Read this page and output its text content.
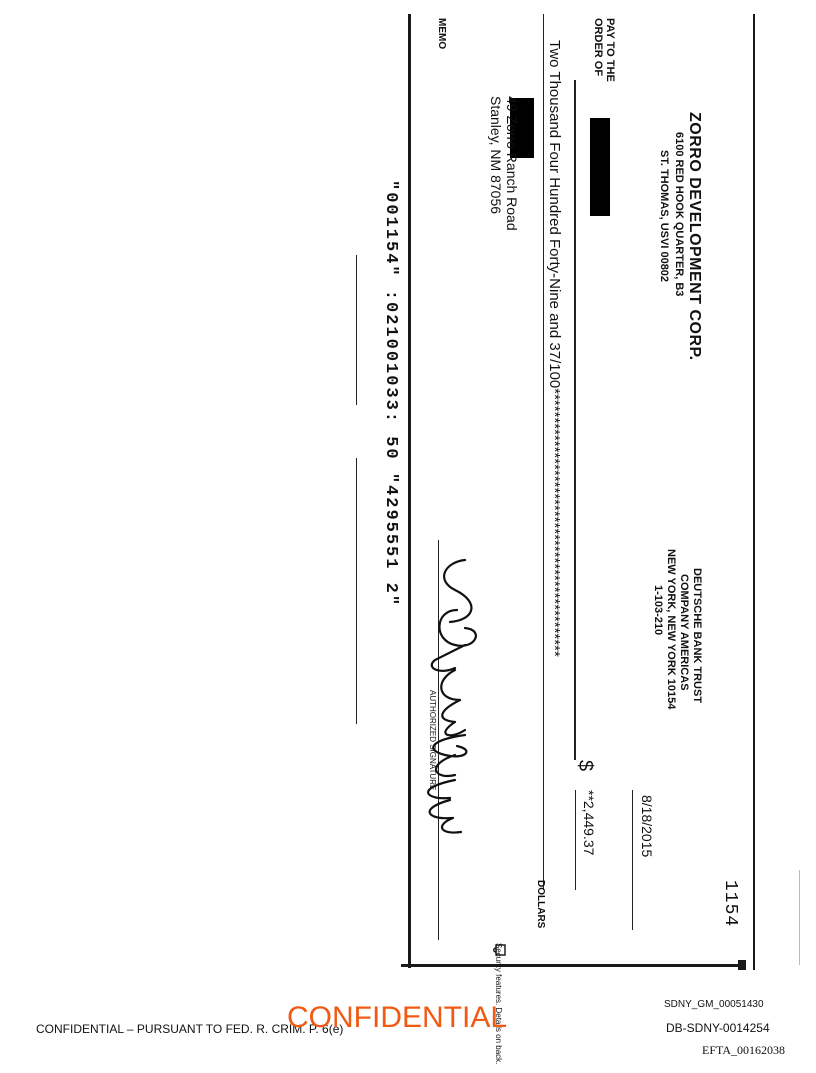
ZORRO DEVELOPMENT CORP.
6100 RED HOOK QUARTER, B3
ST. THOMAS, USVI 00802
DEUTSCHE BANK TRUST
COMPANY AMERICAS
NEW YORK, NEW YORK 10154
1-103-210
1154
8/18/2015
PAY TO THE
ORDER OF
$
**2,449.37
Two Thousand Four Hundred Forty-Nine and 37/100**********************************************
DOLLARS
49 Zorro Ranch Road
Stanley, NM 87056
MEMO
AUTHORIZED SIGNATURE
"001154" :021001033: 50 "4295551 2"
Security features. Details on back.
CONFIDENTIAL – PURSUANT TO FED. R. CRIM. P. 6(e)
CONFIDENTIAL	SDNY_GM_00051430
DB-SDNY-0014254
EFTA_00162038
